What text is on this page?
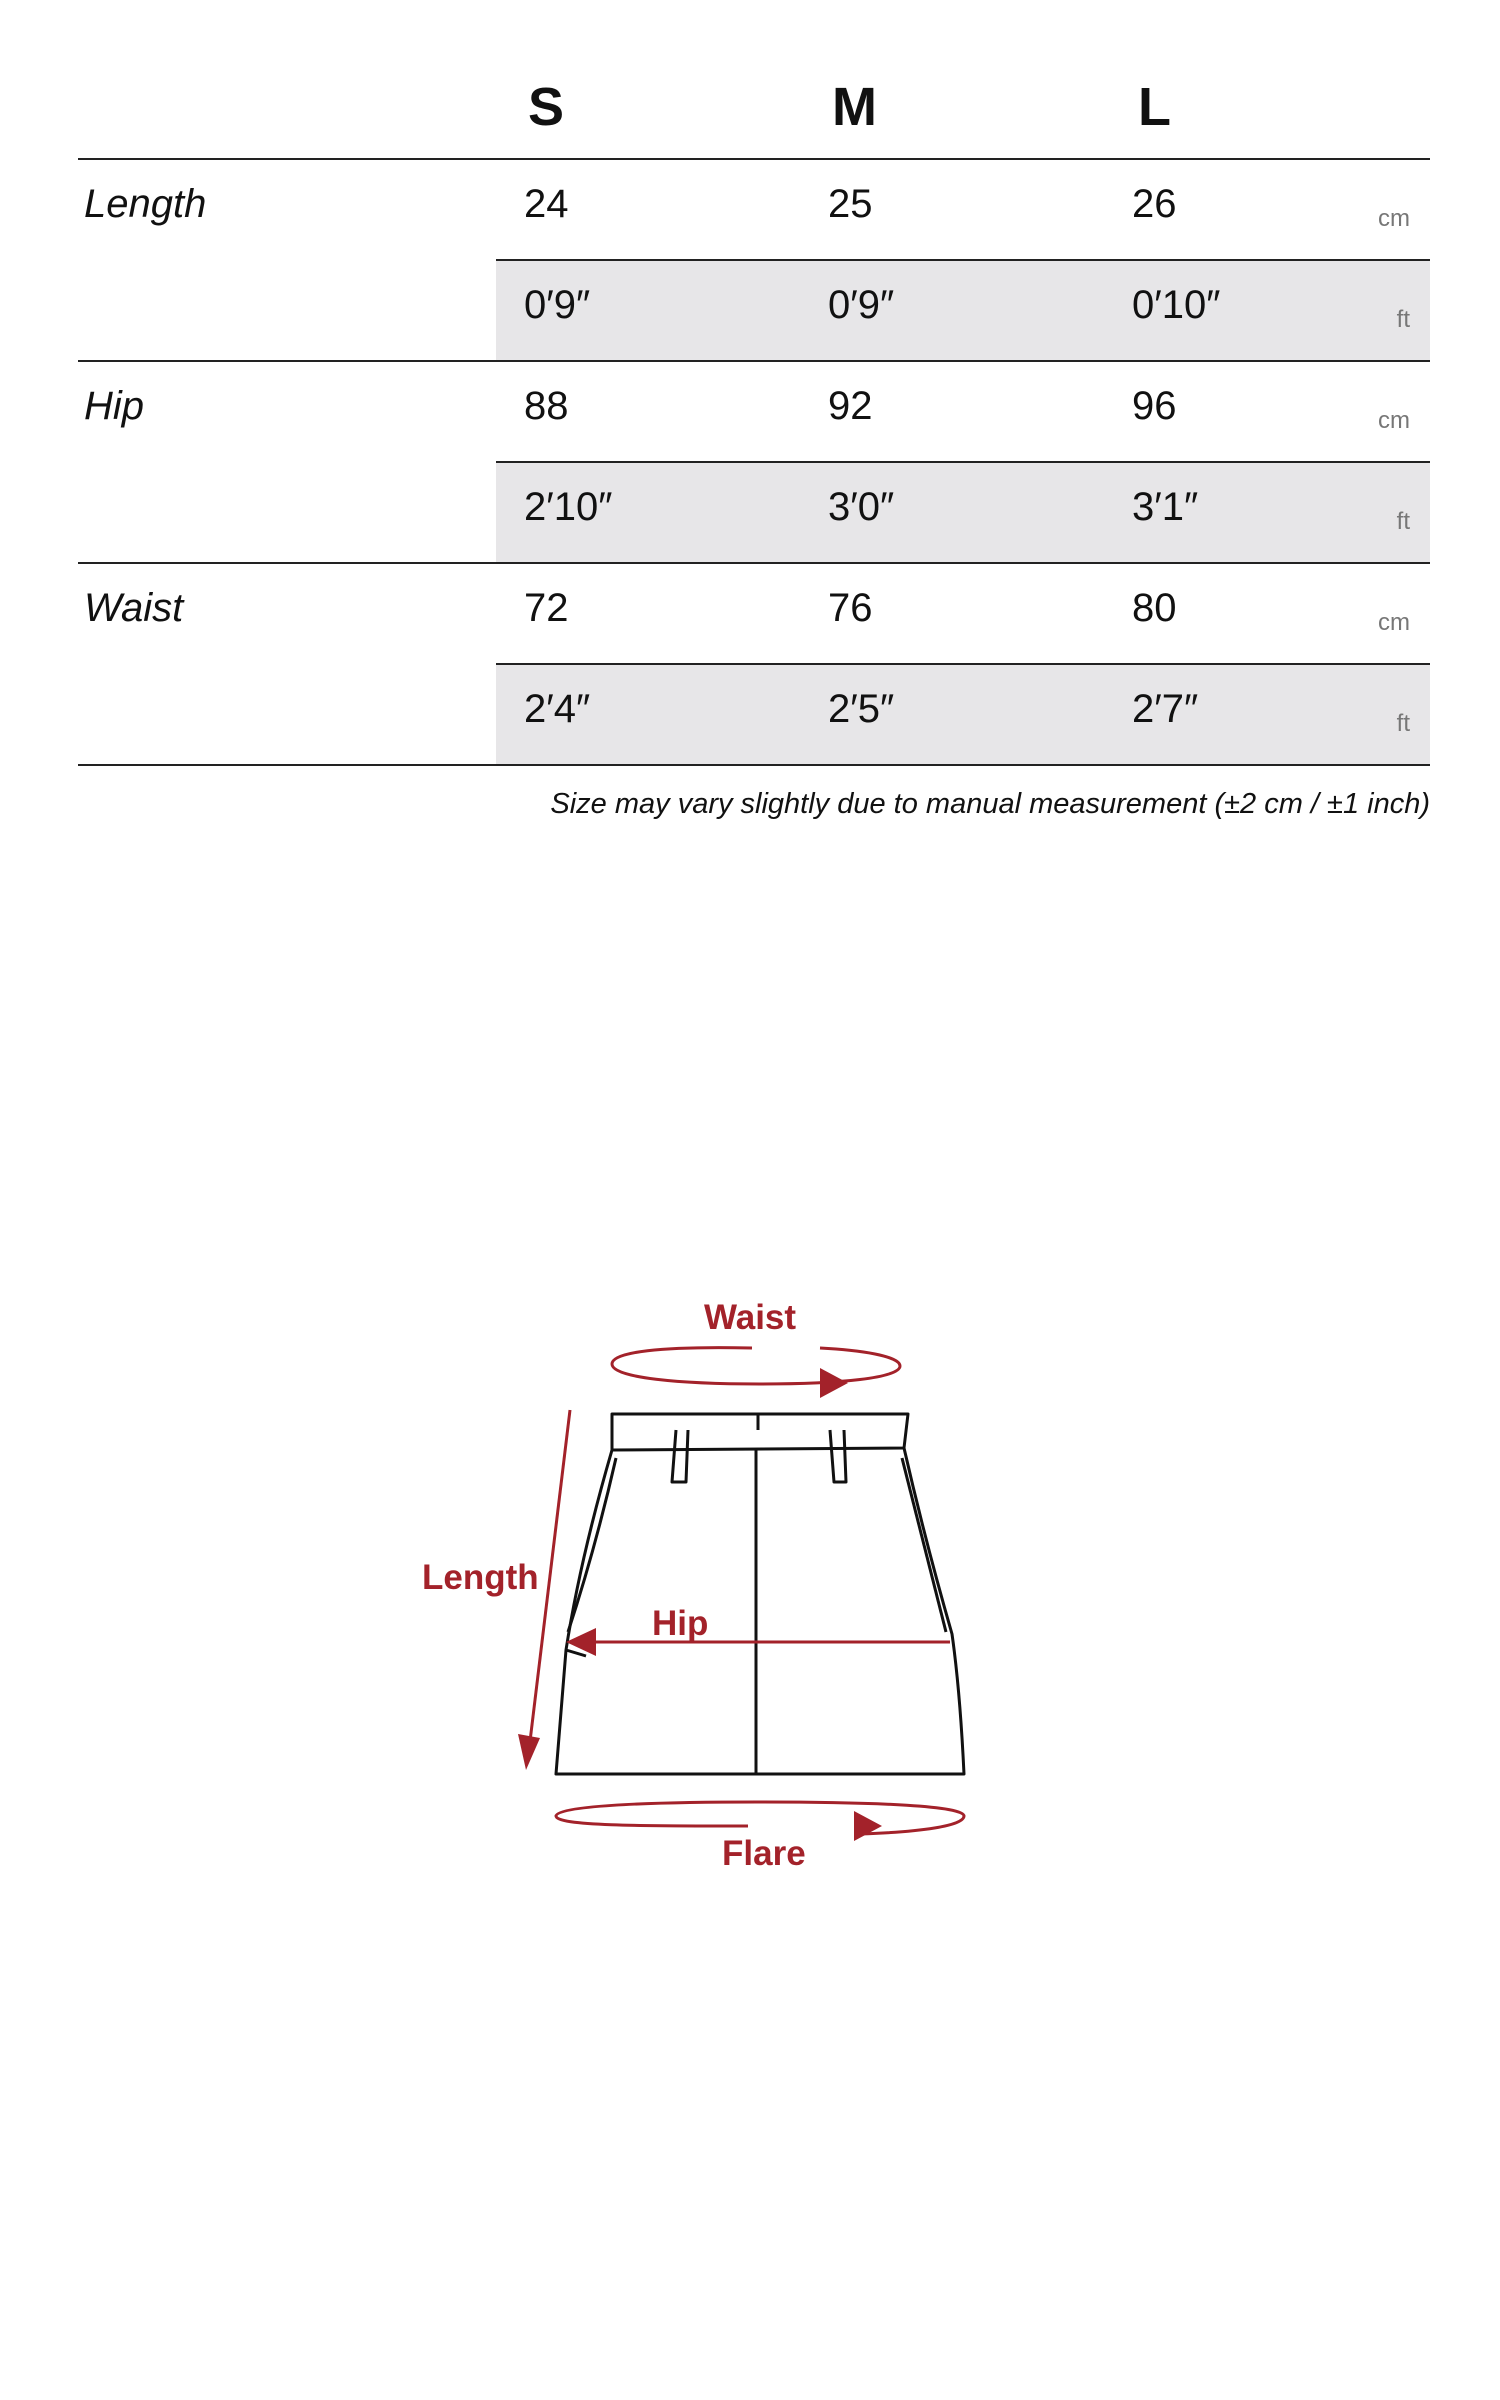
S	M	L
Length	24	25	26	cm
0′9″	0′9″	0′10″	ft
Hip	88	92	96	cm
2′10″	3′0″	3′1″	ft
Waist	72	76	80	cm
2′4″	2′5″	2′7″	ft
Size may vary slightly due to manual measurement (±2 cm / ±1 inch)
Waist
Length
Hip
Flare
